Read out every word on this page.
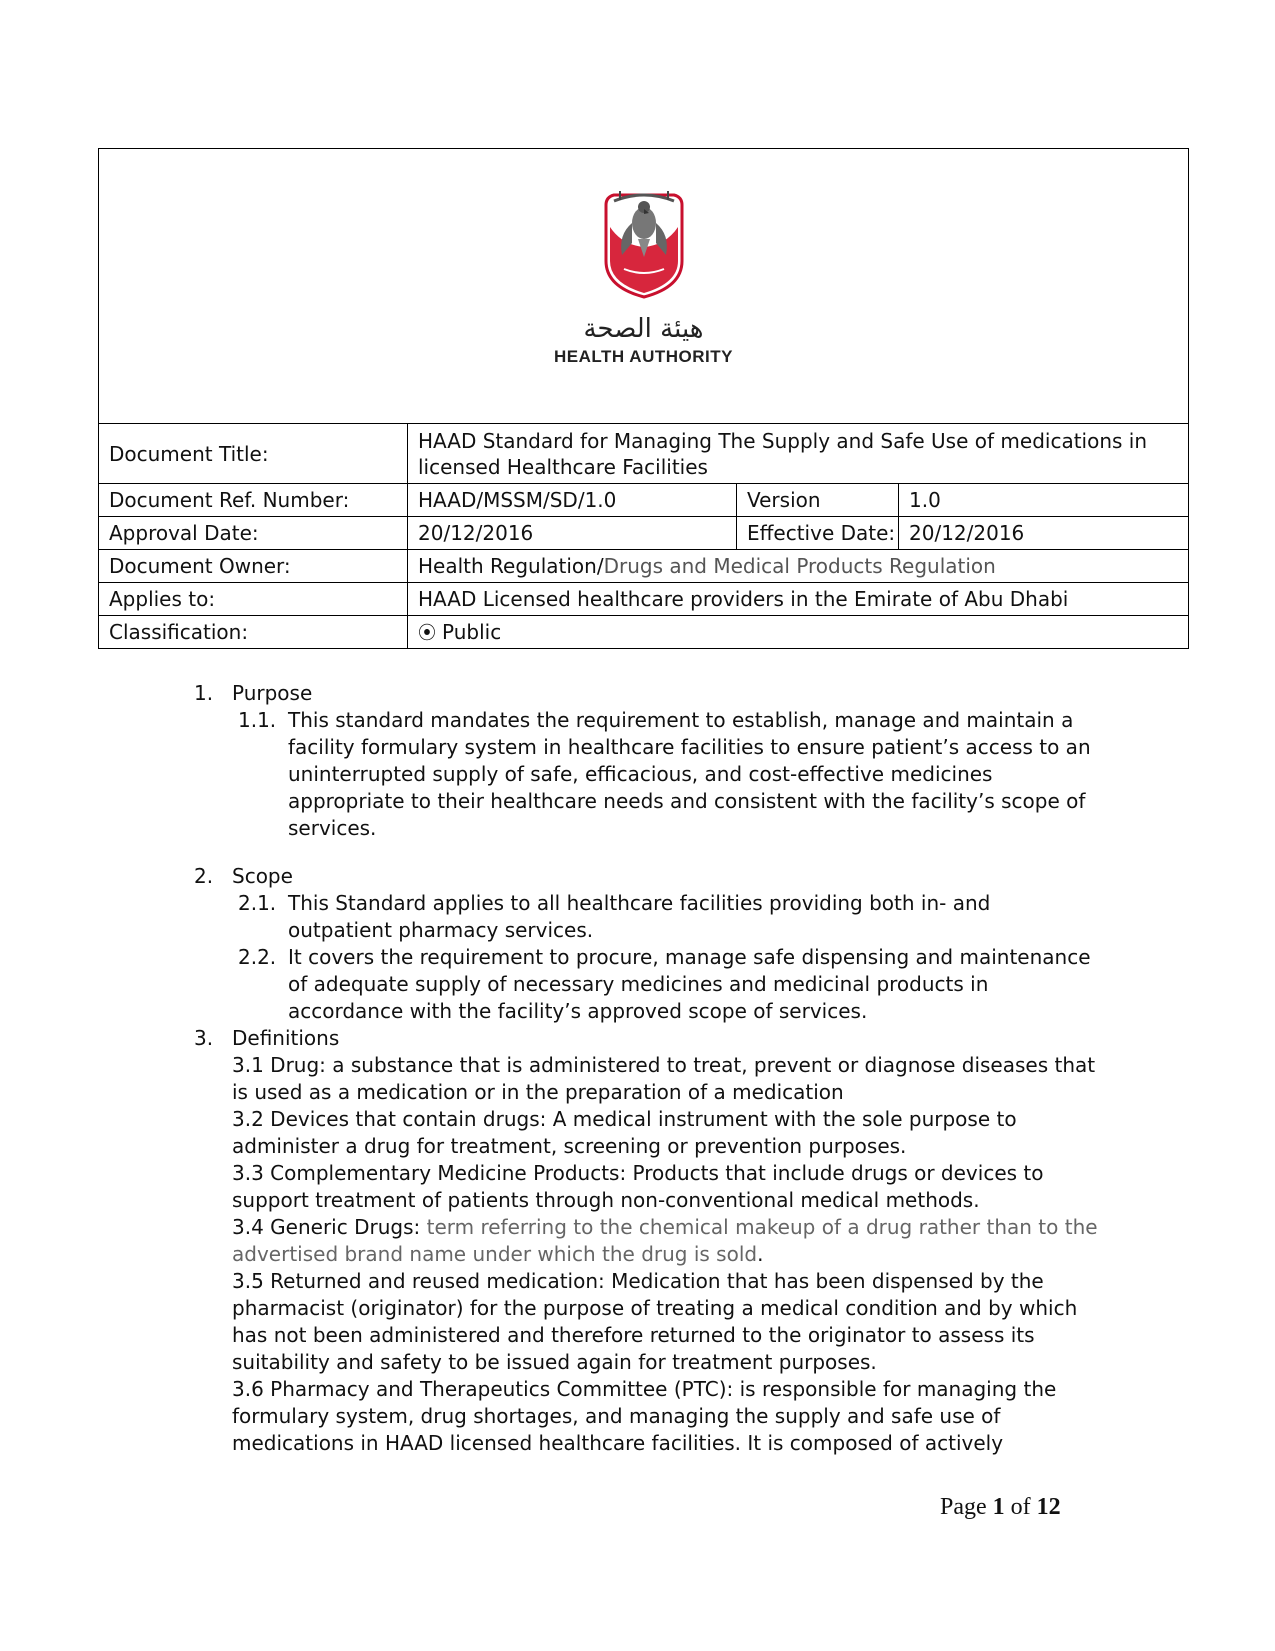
هيئة الصحة
HEALTH AUTHORITY			

Document Title:	HAAD Standard for Managing The Supply and Safe Use of medications in licensed Healthcare Facilities		
Document Ref. Number:	HAAD/MSSM/SD/1.0	Version	1.0
Approval Date:	20/12/2016	Effective Date:	20/12/2016
Document Owner:	Health Regulation/Drugs and Medical Products Regulation		
Applies to:	HAAD Licensed healthcare providers in the Emirate of Abu Dhabi		
Classification:	⦿ Public		

1. Purpose

1.1. This standard mandates the requirement to establish, manage and maintain a facility formulary system in healthcare facilities to ensure patient’s access to an uninterrupted supply of safe, efficacious, and cost-effective medicines appropriate to their healthcare needs and consistent with the facility’s scope of services.

2. Scope

2.1. This Standard applies to all healthcare facilities providing both in- and outpatient pharmacy services.

2.2. It covers the requirement to procure, manage safe dispensing and maintenance of adequate supply of necessary medicines and medicinal products in accordance with the facility’s approved scope of services.

3. Definitions

3.1 Drug: a substance that is administered to treat, prevent or diagnose diseases that is used as a medication or in the preparation of a medication

3.2 Devices that contain drugs: A medical instrument with the sole purpose to administer a drug for treatment, screening or prevention purposes.

3.3 Complementary Medicine Products: Products that include drugs or devices to support treatment of patients through non-conventional medical methods.

3.4 Generic Drugs: term referring to the chemical makeup of a drug rather than to the advertised brand name under which the drug is sold.

3.5 Returned and reused medication: Medication that has been dispensed by the pharmacist (originator) for the purpose of treating a medical condition and by which has not been administered and therefore returned to the originator to assess its suitability and safety to be issued again for treatment purposes.

3.6 Pharmacy and Therapeutics Committee (PTC): is responsible for managing the formulary system, drug shortages, and managing the supply and safe use of medications in HAAD licensed healthcare facilities. It is composed of actively

Page 1 of 12
